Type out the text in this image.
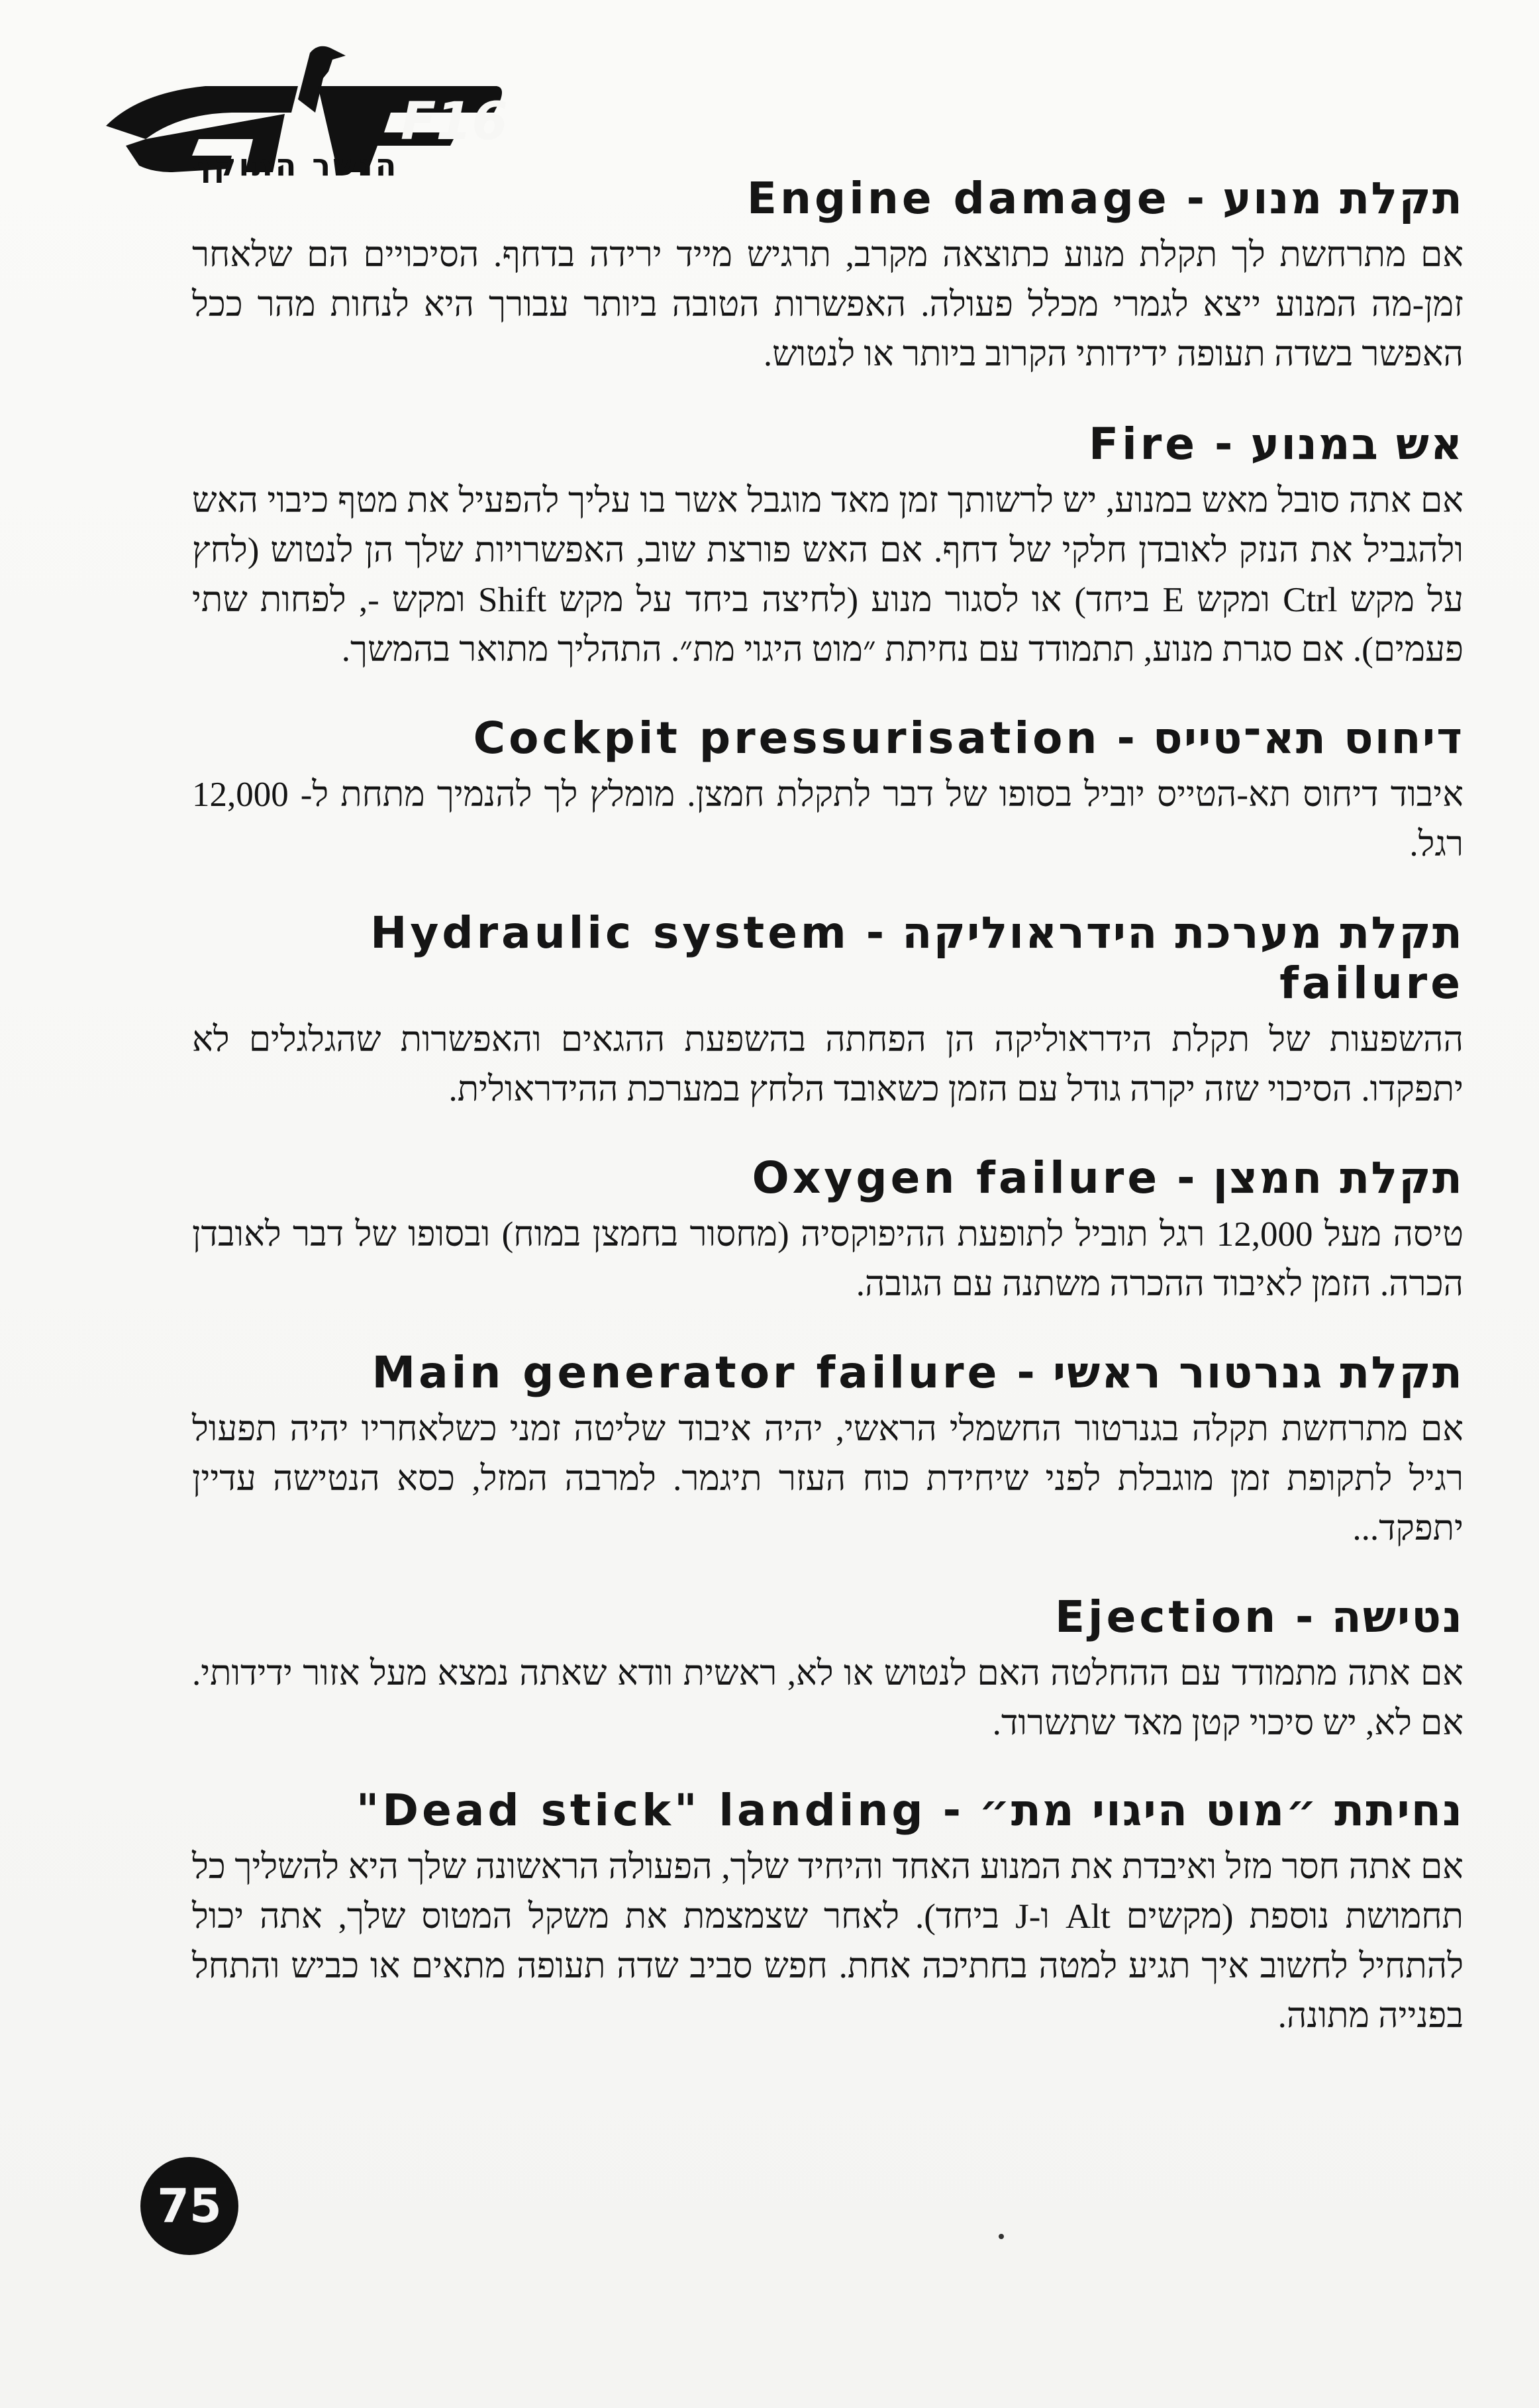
F16
הנשר התוקף
תקלת מנוע - Engine damage

אם מתרחשת לך תקלת מנוע כתוצאה מקרב, תרגיש מייד ירידה בדחף. הסיכויים הם שלאחר זמן-מה המנוע ייצא לגמרי מכלל פעולה. האפשרות הטובה ביותר עבורך היא לנחות מהר ככל האפשר בשדה תעופה ידידותי הקרוב ביותר או לנטוש.

אש במנוע - Fire

אם אתה סובל מאש במנוע, יש לרשותך זמן מאד מוגבל אשר בו עליך להפעיל את מטף כיבוי האש ולהגביל את הנזק לאובדן חלקי של דחף. אם האש פורצת שוב, האפשרויות שלך הן לנטוש (לחץ על מקש Ctrl ומקש E ביחד) או לסגור מנוע (לחיצה ביחד על מקש Shift ומקש -, לפחות שתי פעמים). אם סגרת מנוע, תתמודד עם נחיתת ״מוט היגוי מת״. התהליך מתואר בהמשך.

דיחוס תא־טייס - Cockpit pressurisation

איבוד דיחוס תא-הטייס יוביל בסופו של דבר לתקלת חמצן. מומלץ לך להנמיך מתחת ל- 12,000 רגל.

תקלת מערכת הידראוליקה - Hydraulic system failure

ההשפעות של תקלת הידראוליקה הן הפחתה בהשפעת ההגאים והאפשרות שהגלגלים לא יתפקדו. הסיכוי שזה יקרה גודל עם הזמן כשאובד הלחץ במערכת ההידראולית.

תקלת חמצן - Oxygen failure

טיסה מעל 12,000 רגל תוביל לתופעת ההיפוקסיה (מחסור בחמצן במוח) ובסופו של דבר לאובדן הכרה. הזמן לאיבוד ההכרה משתנה עם הגובה.

תקלת גנרטור ראשי - Main generator failure

אם מתרחשת תקלה בגנרטור החשמלי הראשי, יהיה איבוד שליטה זמני כשלאחריו יהיה תפעול רגיל לתקופת זמן מוגבלת לפני שיחידת כוח העזר תיגמר. למרבה המזל, כסא הנטישה עדיין יתפקד...

נטישה - Ejection

אם אתה מתמודד עם ההחלטה האם לנטוש או לא, ראשית וודא שאתה נמצא מעל אזור ידידותי. אם לא, יש סיכוי קטן מאד שתשרוד.

נחיתת ״מוט היגוי מת״ - "Dead stick" landing

אם אתה חסר מזל ואיבדת את המנוע האחד והיחיד שלך, הפעולה הראשונה שלך היא להשליך כל תחמושת נוספת (מקשים Alt ו-J ביחד). לאחר שצמצמת את משקל המטוס שלך, אתה יכול להתחיל לחשוב איך תגיע למטה בחתיכה אחת. חפש סביב שדה תעופה מתאים או כביש והתחל בפנייה מתונה.

75
